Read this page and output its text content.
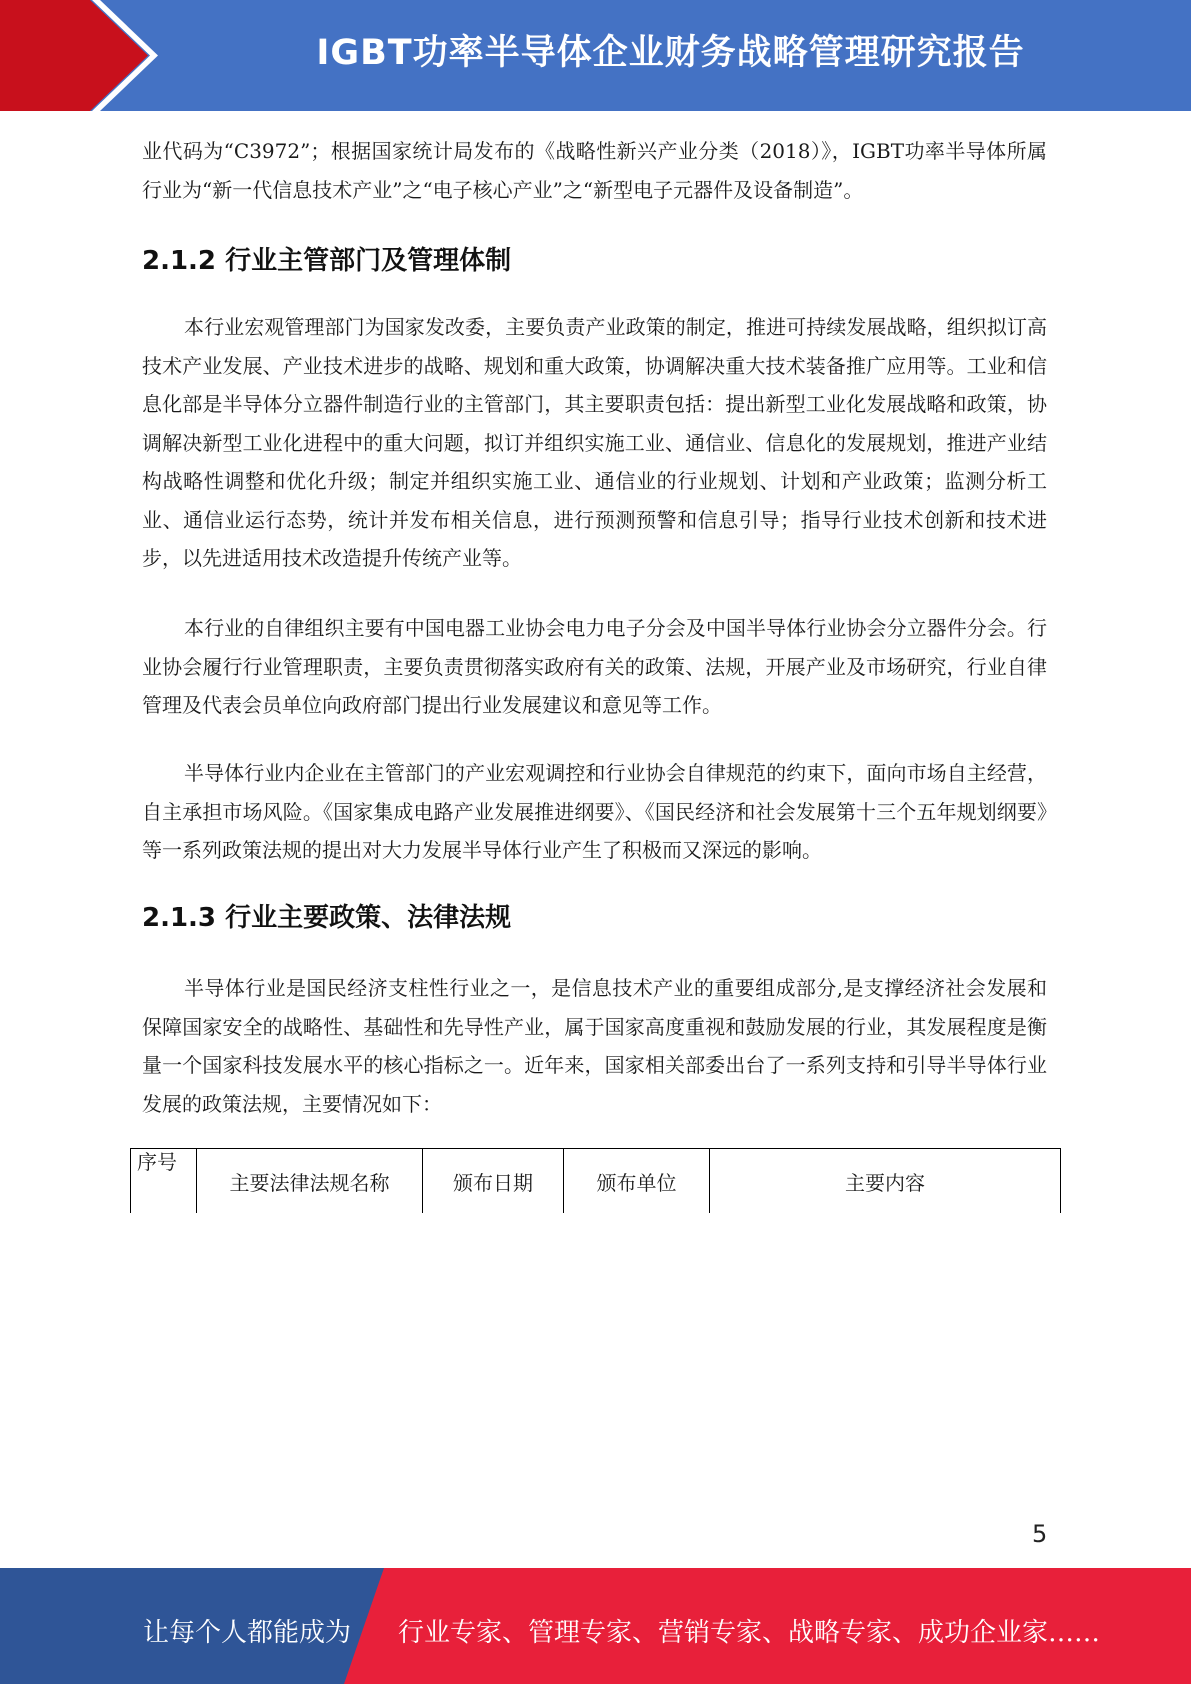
IGBT功率半导体企业财务战略管理研究报告

业代码为“C3972”；根据国家统计局发布的《战略性新兴产业分类（2018）》，IGBT功率半导体所属行业为“新一代信息技术产业”之“电子核心产业”之“新型电子元器件及设备制造”。

2.1.2 行业主管部门及管理体制

本行业宏观管理部门为国家发改委，主要负责产业政策的制定，推进可持续发展战略，组织拟订高技术产业发展、产业技术进步的战略、规划和重大政策，协调解决重大技术装备推广应用等。工业和信息化部是半导体分立器件制造行业的主管部门，其主要职责包括：提出新型工业化发展战略和政策，协调解决新型工业化进程中的重大问题，拟订并组织实施工业、通信业、信息化的发展规划，推进产业结构战略性调整和优化升级；制定并组织实施工业、通信业的行业规划、计划和产业政策；监测分析工业、通信业运行态势，统计并发布相关信息，进行预测预警和信息引导；指导行业技术创新和技术进步，以先进适用技术改造提升传统产业等。

本行业的自律组织主要有中国电器工业协会电力电子分会及中国半导体行业协会分立器件分会。行业协会履行行业管理职责，主要负责贯彻落实政府有关的政策、法规，开展产业及市场研究，行业自律管理及代表会员单位向政府部门提出行业发展建议和意见等工作。

半导体行业内企业在主管部门的产业宏观调控和行业协会自律规范的约束下，面向市场自主经营，自主承担市场风险。《国家集成电路产业发展推进纲要》、《国民经济和社会发展第十三个五年规划纲要》等一系列政策法规的提出对大力发展半导体行业产生了积极而又深远的影响。

2.1.3 行业主要政策、法律法规

半导体行业是国民经济支柱性行业之一，是信息技术产业的重要组成部分,是支撑经济社会发展和保障国家安全的战略性、基础性和先导性产业，属于国家高度重视和鼓励发展的行业，其发展程度是衡量一个国家科技发展水平的核心指标之一。近年来，国家相关部委出台了一系列支持和引导半导体行业发展的政策法规，主要情况如下：

序号	主要法律法规名称	颁布日期	颁布单位	主要内容
5
让每个人都能成为 行业专家、管理专家、营销专家、战略专家、成功企业家……
